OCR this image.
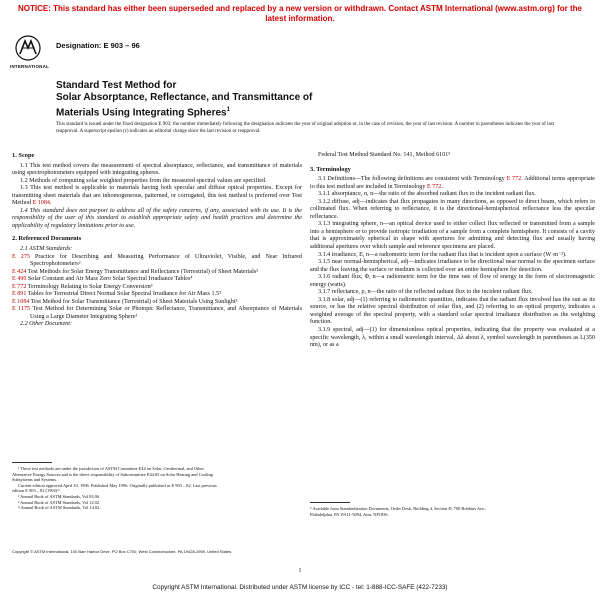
NOTICE: This standard has either been superseded and replaced by a new version or withdrawn. Contact ASTM International (www.astm.org) for the latest information.
INTERNATIONAL
Designation: E 903 – 96
Standard Test Method for
Solar Absorptance, Reflectance, and Transmittance of
Materials Using Integrating Spheres$^1$
This standard is issued under the fixed designation E 903; the number immediately following the designation indicates the year of original adoption or, in the case of revision, the year of last revision. A number in parentheses indicates the year of last reapproval. A superscript epsilon (ε) indicates an editorial change since the last revision or reapproval.
1. Scope

1.1 This test method covers the measurement of spectral absorptance, reflectance, and transmittance of materials using spectrophotometers equipped with integrating spheres.

1.2 Methods of computing solar weighted properties from the measured spectral values are specified.

1.3 This test method is applicable to materials having both specular and diffuse optical properties. Except for transmitting sheet materials that are inhomogeneous, patterned, or corrugated, this test method is preferred over Test Method E 1084.

1.4 This standard does not purport to address all of the safety concerns, if any, associated with its use. It is the responsibility of the user of this standard to establish appropriate safety and health practices and determine the applicability of regulatory limitations prior to use.

2. Referenced Documents

2.1 ASTM Standards:

E 275 Practice for Describing and Measuring Performance of Ultraviolet, Visible, and Near Infrared Spectrophotometers²

E 424 Test Methods for Solar Energy Transmittance and Reflectance (Terrestrial) of Sheet Materials³

E 490 Solar Constant and Air Mass Zero Solar Spectral Irradiance Tables⁴

E 772 Terminology Relating to Solar Energy Conversion³

E 891 Tables for Terrestrial Direct Normal Solar Spectral Irradiance for Air Mass 1.5³

E 1084 Test Method for Solar Transmittance (Terrestrial) of Sheet Materials Using Sunlight³

E 1175 Test Method for Determining Solar or Photopic Reflectance, Transmittance, and Absorptance of Materials Using a Large Diameter Integrating Sphere³

2.2 Other Document:

¹ These test methods are under the jurisdiction of ASTM Committee E44 on Solar, Geothermal, and Other Alternative Energy Sources and is the direct responsibility of Subcommittee E44.05 on Solar Heating and Cooling Subsystems and Systems.
Current edition approved April 10, 1996. Published May 1996. Originally published as E 903 – 82. Last previous edition E 903 – 82 (1992)ᵉ¹.
² Annual Book of ASTM Standards, Vol 03.06.
³ Annual Book of ASTM Standards, Vol 12.02.
⁴ Annual Book of ASTM Standards, Vol 14.02.

Federal Test Method Standard No. 141, Method 6101⁵

3. Terminology

3.1 Definitions—The following definitions are consistent with Terminology E 772. Additional terms appropriate to this test method are included in Terminology E 772.

3.1.1 absorptance, α, n—the ratio of the absorbed radiant flux to the incident radiant flux.

3.1.2 diffuse, adj—indicates that flux propagates in many directions, as opposed to direct beam, which refers to collimated flux. When referring to reflectance, it is the directional-hemispherical reflectance less the specular reflectance.

3.1.3 integrating sphere, n—an optical device used to either collect flux reflected or transmitted from a sample into a hemisphere or to provide isotropic irradiation of a sample from a complete hemisphere. It consists of a cavity that is approximately spherical in shape with apertures for admitting and detecting flux and usually having additional apertures over which sample and reference specimens are placed.

3.1.4 irradiance, E, n—a radiometric term for the radiant flux that is incident upon a surface (W·m⁻²).

3.1.5 near normal-hemispherical, adj—indicates irradiance to be directional near normal to the specimen surface and the flux leaving the surface or medium is collected over an entire hemisphere for detection.

3.1.6 radiant flux, Φ, n—a radiometric term for the time rate of flow of energy in the form of electromagnetic energy (watts).

3.1.7 reflectance, ρ, n—the ratio of the reflected radiant flux to the incident radiant flux.

3.1.8 solar, adj—(1) referring to radiometric quantities, indicates that the radiant flux involved has the sun as its source, or has the relative spectral distribution of solar flux, and (2) referring to an optical property, indicates a weighted average of the spectral property, with a standard solar spectral irradiance distribution as the weighting function.

3.1.9 spectral, adj—(1) for dimensionless optical properties, indicating that the property was evaluated at a specific wavelength, λ, within a small wavelength interval, Δλ about λ, symbol wavelength in parentheses as L(350 nm), or as a

⁵ Available from Standardization Documents, Order Desk, Building 4, Section D, 700 Robbins Ave., Philadelphia, PA 19111-5094, Attn: NPODS.
Copyright © ASTM International, 100 Barr Harbor Drive, PO Box C700, West Conshohocken, PA 19428-2959, United States.
1
Copyright ASTM International. Distributed under ASTM license by ICC - tel: 1-888-ICC-SAFE (422-7233)
